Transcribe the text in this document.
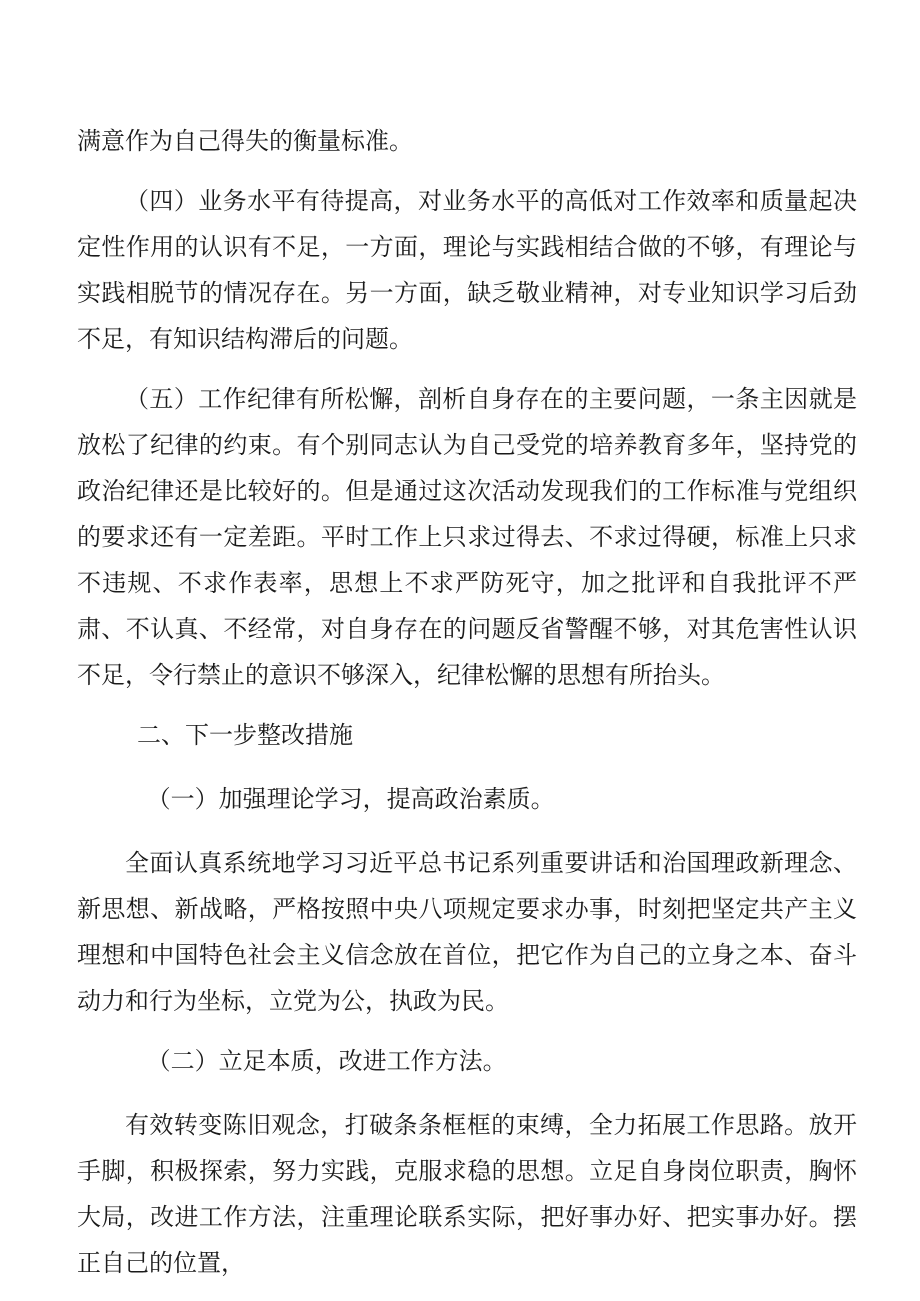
满意作为自己得失的衡量标准。

（四）业务水平有待提高，对业务水平的高低对工作效率和质量起决定性作用的认识有不足，一方面，理论与实践相结合做的不够，有理论与实践相脱节的情况存在。另一方面，缺乏敬业精神，对专业知识学习后劲不足，有知识结构滞后的问题。

（五）工作纪律有所松懈，剖析自身存在的主要问题，一条主因就是放松了纪律的约束。有个别同志认为自己受党的培养教育多年，坚持党的政治纪律还是比较好的。但是通过这次活动发现我们的工作标准与党组织的要求还有一定差距。平时工作上只求过得去、不求过得硬，标准上只求不违规、不求作表率，思想上不求严防死守，加之批评和自我批评不严肃、不认真、不经常，对自身存在的问题反省警醒不够，对其危害性认识不足，令行禁止的意识不够深入，纪律松懈的思想有所抬头。

二、下一步整改措施

（一）加强理论学习，提高政治素质。

全面认真系统地学习习近平总书记系列重要讲话和治国理政新理念、新思想、新战略，严格按照中央八项规定要求办事，时刻把坚定共产主义理想和中国特色社会主义信念放在首位，把它作为自己的立身之本、奋斗动力和行为坐标，立党为公，执政为民。

（二）立足本质，改进工作方法。

有效转变陈旧观念，打破条条框框的束缚，全力拓展工作思路。放开手脚，积极探索，努力实践，克服求稳的思想。立足自身岗位职责，胸怀大局，改进工作方法，注重理论联系实际，把好事办好、把实事办好。摆正自己的位置，
